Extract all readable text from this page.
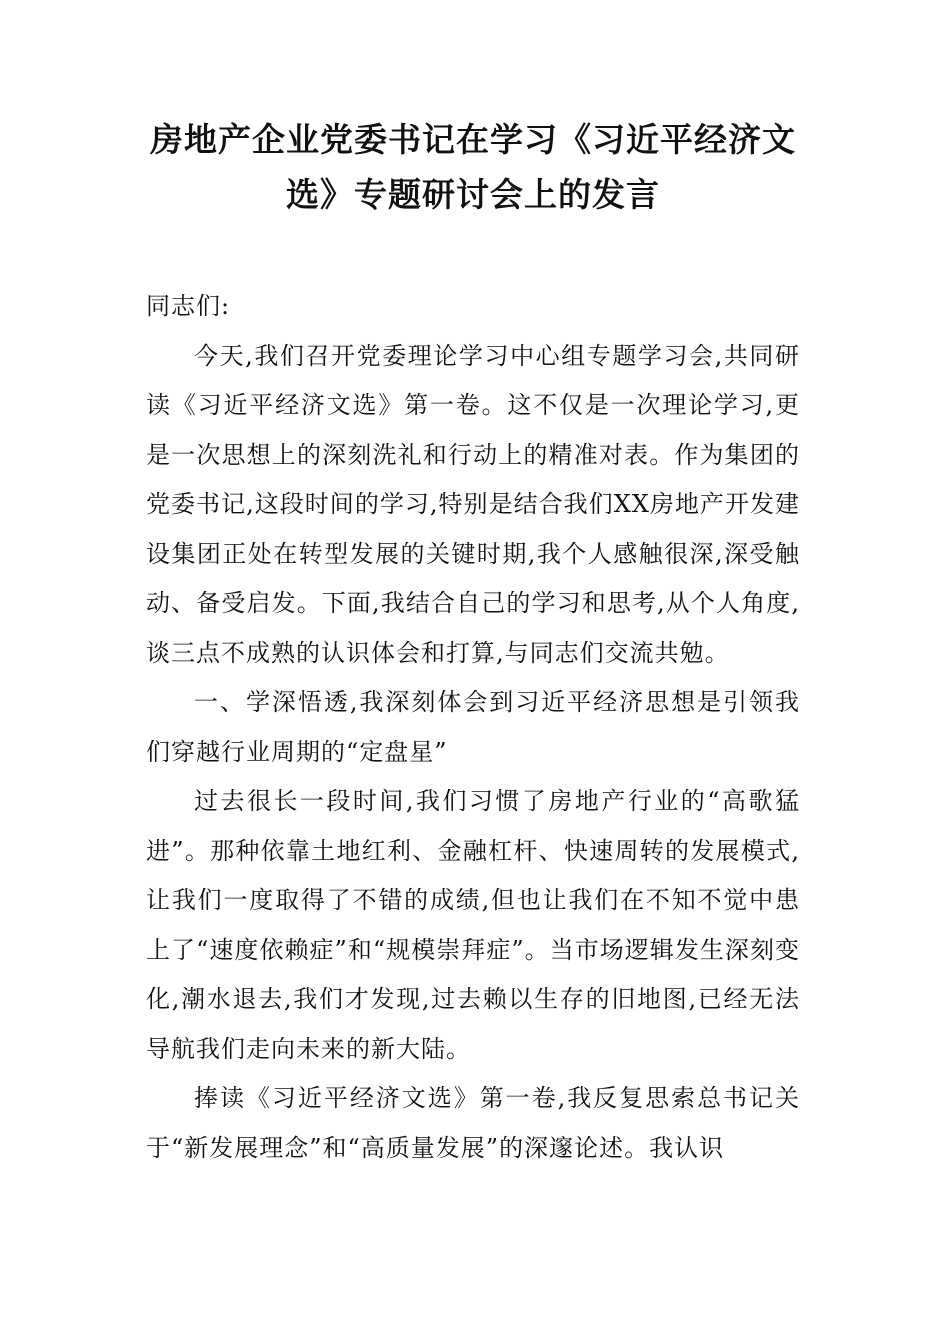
房地产企业党委书记在学习《习近平经济文选》专题研讨会上的发言

同志们:

今天,我们召开党委理论学习中心组专题学习会,共同研读《习近平经济文选》第一卷。这不仅是一次理论学习,更是一次思想上的深刻洗礼和行动上的精准对表。作为集团的党委书记,这段时间的学习,特别是结合我们XX房地产开发建设集团正处在转型发展的关键时期,我个人感触很深,深受触动、备受启发。下面,我结合自己的学习和思考,从个人角度,谈三点不成熟的认识体会和打算,与同志们交流共勉。

一、学深悟透,我深刻体会到习近平经济思想是引领我们穿越行业周期的“定盘星”

过去很长一段时间,我们习惯了房地产行业的“高歌猛进”。那种依靠土地红利、金融杠杆、快速周转的发展模式,让我们一度取得了不错的成绩,但也让我们在不知不觉中患上了“速度依赖症”和“规模崇拜症”。当市场逻辑发生深刻变化,潮水退去,我们才发现,过去赖以生存的旧地图,已经无法导航我们走向未来的新大陆。

捧读《习近平经济文选》第一卷,我反复思索总书记关于“新发展理念”和“高质量发展”的深邃论述。我认识
